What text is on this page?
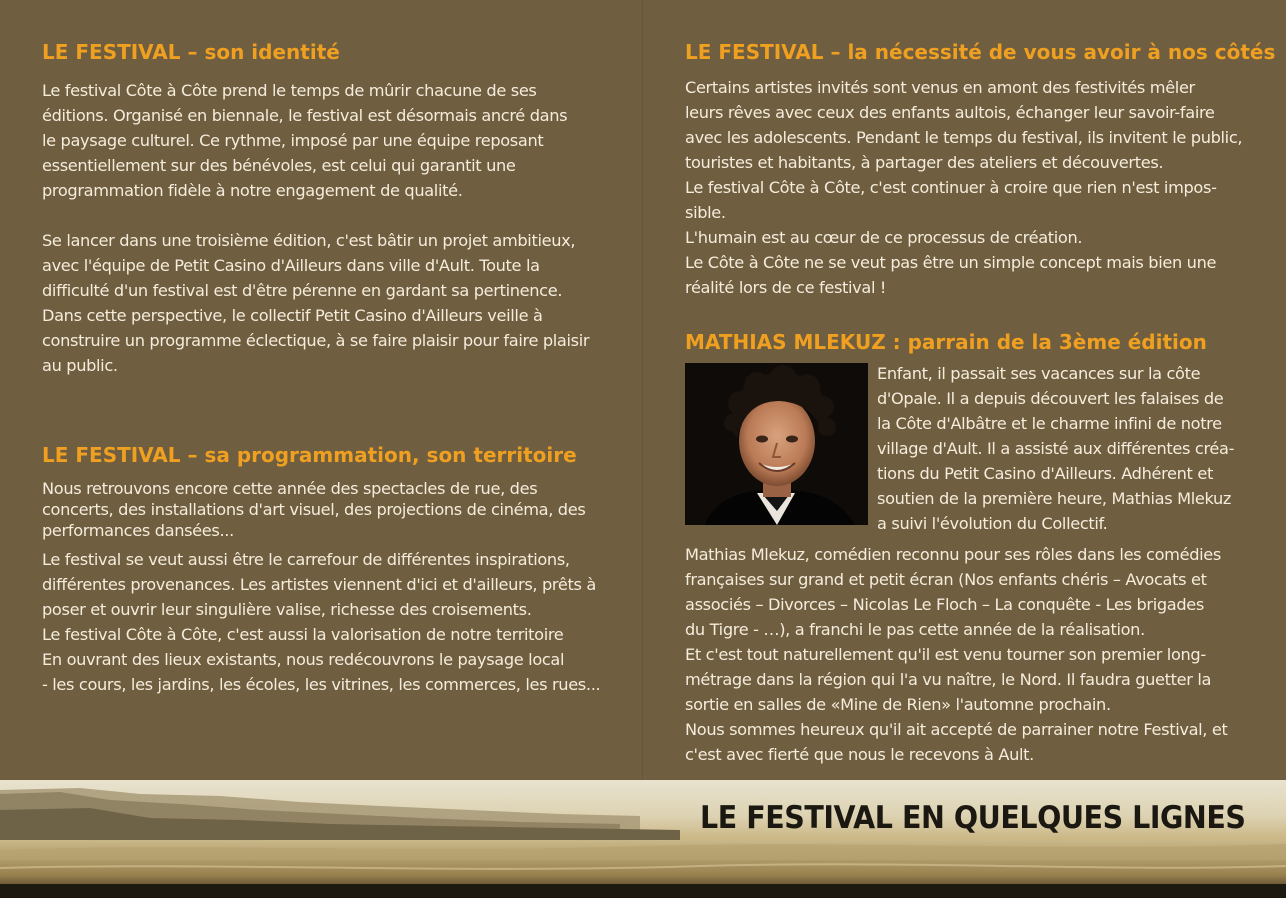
LE FESTIVAL – son identité

Le festival Côte à Côte prend le temps de mûrir chacune de ses
éditions. Organisé en biennale, le festival est désormais ancré dans
le paysage culturel. Ce rythme, imposé par une équipe reposant
essentiellement sur des bénévoles, est celui qui garantit une
programmation fidèle à notre engagement de qualité.

Se lancer dans une troisième édition, c'est bâtir un projet ambitieux,
avec l'équipe de Petit Casino d'Ailleurs dans ville d'Ault. Toute la
difficulté d'un festival est d'être pérenne en gardant sa pertinence.
Dans cette perspective, le collectif Petit Casino d'Ailleurs veille à
construire un programme éclectique, à se faire plaisir pour faire plaisir
au public.

LE FESTIVAL – sa programmation, son territoire

Nous retrouvons encore cette année des spectacles de rue, des
concerts, des installations d'art visuel, des projections de cinéma, des
performances dansées...

Le festival se veut aussi être le carrefour de différentes inspirations,
différentes provenances. Les artistes viennent d'ici et d'ailleurs, prêts à
poser et ouvrir leur singulière valise, richesse des croisements.

Le festival Côte à Côte, c'est aussi la valorisation de notre territoire
En ouvrant des lieux existants, nous redécouvrons le paysage local
- les cours, les jardins, les écoles, les vitrines, les commerces, les rues...

LE FESTIVAL – la nécessité de vous avoir à nos côtés

Certains artistes invités sont venus en amont des festivités mêler
leurs rêves avec ceux des enfants aultois, échanger leur savoir-faire
avec les adolescents. Pendant le temps du festival, ils invitent le public,
touristes et habitants, à partager des ateliers et découvertes.

Le festival Côte à Côte, c'est continuer à croire que rien n'est impos-
sible.

L'humain est au cœur de ce processus de création.

Le Côte à Côte ne se veut pas être un simple concept mais bien une
réalité lors de ce festival !

MATHIAS MLEKUZ : parrain de la 3ème édition

Enfant, il passait ses vacances sur la côte
d'Opale. Il a depuis découvert les falaises de
la Côte d'Albâtre et le charme infini de notre
village d'Ault. Il a assisté aux différentes créa-
tions du Petit Casino d'Ailleurs. Adhérent et
soutien de la première heure, Mathias Mlekuz
a suivi l'évolution du Collectif.

Mathias Mlekuz, comédien reconnu pour ses rôles dans les comédies
françaises sur grand et petit écran (Nos enfants chéris – Avocats et
associés – Divorces – Nicolas Le Floch – La conquête - Les brigades
du Tigre - …), a franchi le pas cette année de la réalisation.

Et c'est tout naturellement qu'il est venu tourner son premier long-
métrage dans la région qui l'a vu naître, le Nord. Il faudra guetter la
sortie en salles de «Mine de Rien» l'automne prochain.

Nous sommes heureux qu'il ait accepté de parrainer notre Festival, et
c'est avec fierté que nous le recevons à Ault.

LE FESTIVAL EN QUELQUES LIGNES
